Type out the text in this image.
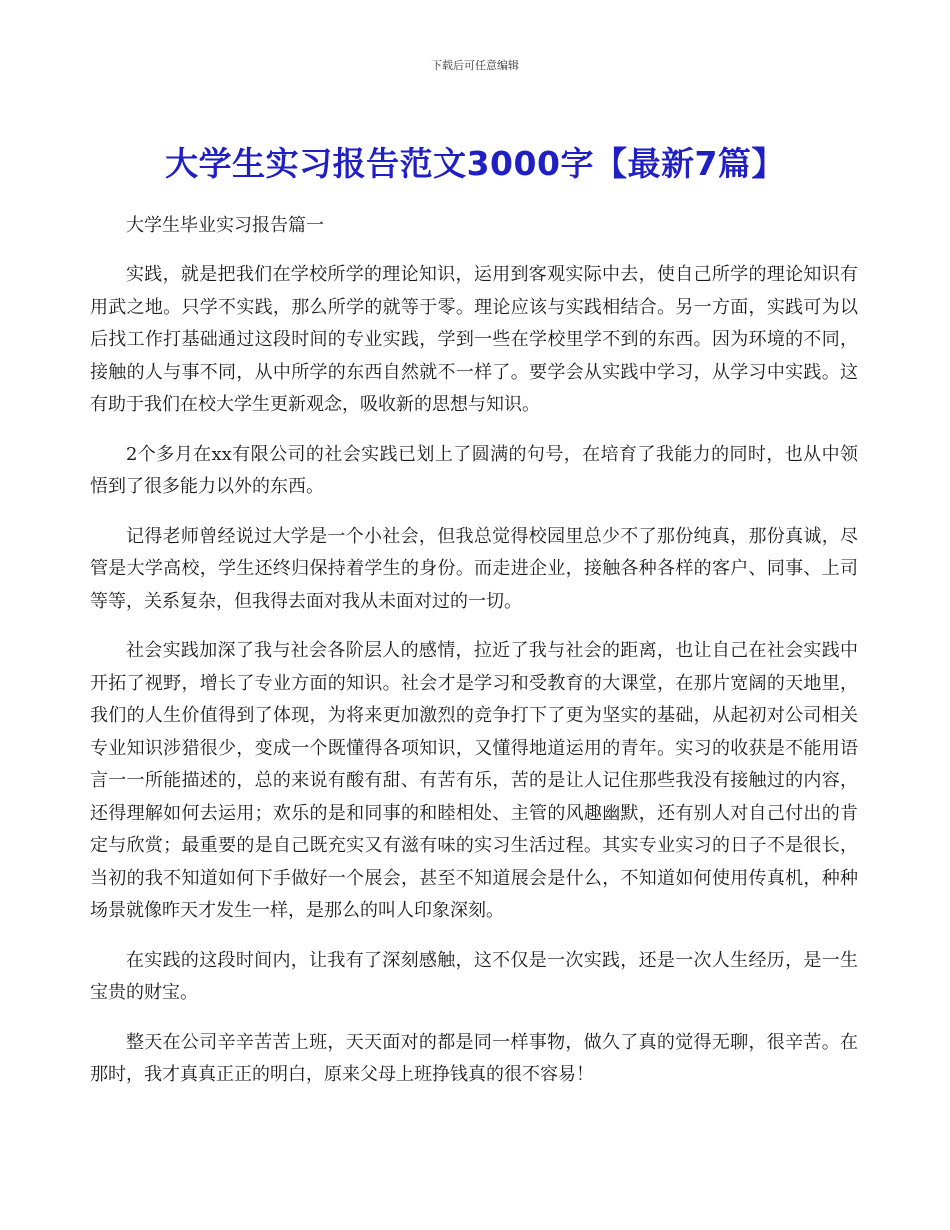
下载后可任意编辑
大学生实习报告范文3000字【最新7篇】

大学生毕业实习报告篇一

实践，就是把我们在学校所学的理论知识，运用到客观实际中去，使自己所学的理论知识有用武之地。只学不实践，那么所学的就等于零。理论应该与实践相结合。另一方面，实践可为以后找工作打基础通过这段时间的专业实践，学到一些在学校里学不到的东西。因为环境的不同，接触的人与事不同，从中所学的东西自然就不一样了。要学会从实践中学习，从学习中实践。这有助于我们在校大学生更新观念，吸收新的思想与知识。

2个多月在xx有限公司的社会实践已划上了圆满的句号，在培育了我能力的同时，也从中领悟到了很多能力以外的东西。

记得老师曾经说过大学是一个小社会，但我总觉得校园里总少不了那份纯真，那份真诚，尽管是大学高校，学生还终归保持着学生的身份。而走进企业，接触各种各样的客户、同事、上司等等，关系复杂，但我得去面对我从未面对过的一切。

社会实践加深了我与社会各阶层人的感情，拉近了我与社会的距离，也让自己在社会实践中开拓了视野，增长了专业方面的知识。社会才是学习和受教育的大课堂，在那片宽阔的天地里，我们的人生价值得到了体现，为将来更加激烈的竞争打下了更为坚实的基础，从起初对公司相关专业知识涉猎很少，变成一个既懂得各项知识，又懂得地道运用的青年。实习的收获是不能用语言一一所能描述的，总的来说有酸有甜、有苦有乐，苦的是让人记住那些我没有接触过的内容，还得理解如何去运用；欢乐的是和同事的和睦相处、主管的风趣幽默，还有别人对自己付出的肯定与欣赏；最重要的是自己既充实又有滋有味的实习生活过程。其实专业实习的日子不是很长，当初的我不知道如何下手做好一个展会，甚至不知道展会是什么，不知道如何使用传真机，种种场景就像昨天才发生一样，是那么的叫人印象深刻。

在实践的这段时间内，让我有了深刻感触，这不仅是一次实践，还是一次人生经历，是一生宝贵的财宝。

整天在公司辛辛苦苦上班，天天面对的都是同一样事物，做久了真的觉得无聊，很辛苦。在那时，我才真真正正的明白，原来父母上班挣钱真的很不容易！
